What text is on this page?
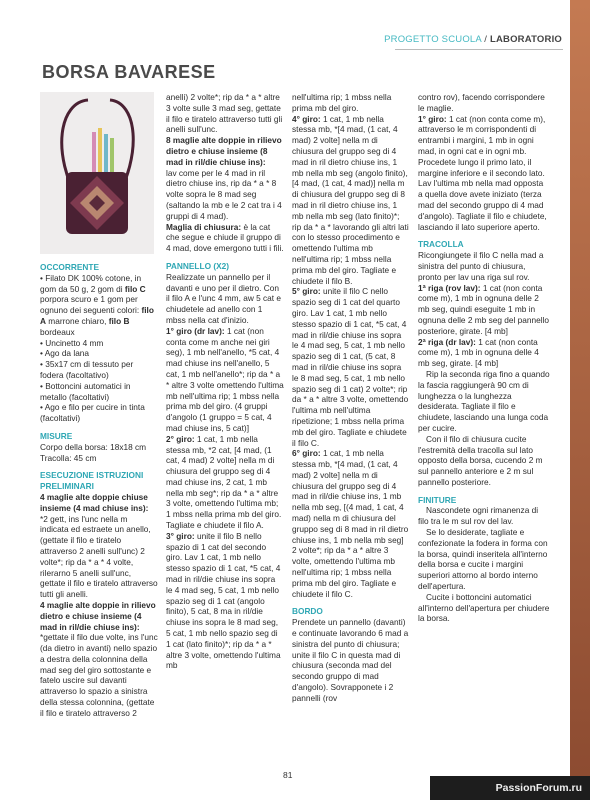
PROGETTO SCUOLA / LABORATORIO
BORSA BAVARESE

OCCORRENTE

• Filato DK 100% cotone, in gom da 50 g, 2 gom di filo C porpora scuro e 1 gom per ognuno dei seguenti colori: filo A marrone chiaro, filo B bordeaux

• Uncinetto 4 mm

• Ago da lana

• 35x17 cm di tessuto per fodera (facoltativo)

• Bottoncini automatici in metallo (facoltativi)

• Ago e filo per cucire in tinta (facoltativi)

MISURE

Corpo della borsa: 18x18 cm

Tracolla: 45 cm

ESECUZIONE ISTRUZIONI PRELIMINARI

4 maglie alte doppie chiuse insieme (4 mad chiuse ins):

*2 gett, ins l'unc nella m indicata ed estraete un anello, (gettate il filo e tiratelo attraverso 2 anelli sull'unc) 2 volte*; rip da * a * 4 volte, rilerarno 5 anelli sull'unc, gettate il filo e tiratelo attraverso tutti gli anelli.

4 maglie alte doppie in rilievo dietro e chiuse insieme (4 mad in ril/die chiuse ins):

*gettate il filo due volte, ins l'unc (da dietro in avanti) nello spazio a destra della colonnina della mad seg del giro sottostante e fatelo uscire sul davanti attraverso lo spazio a sinistra della stessa colonnina, (gettate il filo e tiratelo attraverso 2

anelli) 2 volte*; rip da * a * altre 3 volte sulle 3 mad seg, gettate il filo e tiratelo attraverso tutti gli anelli sull'unc.

8 maglie alte doppie in rilievo dietro e chiuse insieme (8 mad in ril/die chiuse ins):

lav come per le 4 mad in ril dietro chiuse ins, rip da * a * 8 volte sopra le 8 mad seg (saltando la mb e le 2 cat tra i 4 gruppi di 4 mad).

Maglia di chiusura: è la cat che segue e chiude il gruppo di 4 mad, dove emergono tutti i fili.

PANNELLO (X2)

Realizzate un pannello per il davanti e uno per il dietro. Con il filo A e l'unc 4 mm, aw 5 cat e chiudetele ad anello con 1 mbss nella cat d'inizio.

1° giro (dr lav): 1 cat (non conta come m anche nei giri seg), 1 mb nell'anello, *5 cat, 4 mad chiuse ins nell'anello, 5 cat, 1 mb nell'anello*; rip da * a * altre 3 volte omettendo l'ultima mb nell'ultima rip; 1 mbss nella prima mb del giro. (4 gruppi d'angolo (1 gruppo = 5 cat, 4 mad chiuse ins, 5 cat)]

2° giro: 1 cat, 1 mb nella stessa mb, *2 cat, [4 mad, (1 cat, 4 mad) 2 volte] nella m di chiusura del gruppo seg di 4 mad chiuse ins, 2 cat, 1 mb nella mb seg*; rip da * a * altre 3 volte, omettendo l'ultima mb; 1 mbss nella prima mb del giro. Tagliate e chiudete il filo A.

3° giro: unite il filo B nello spazio di 1 cat del secondo giro. Lav 1 cat, 1 mb nello stesso spazio di 1 cat, *5 cat, 4 mad in ril/die chiuse ins sopra le 4 mad seg, 5 cat, 1 mb nello spazio seg di 1 cat (angolo finito), 5 cat, 8 ma in ril/die chiuse ins sopra le 8 mad seg, 5 cat, 1 mb nello spazio seg di 1 cat (lato finito)*; rip da * a * altre 3 volte, omettendo l'ultima mb

nell'ultima rip; 1 mbss nella prima mb del giro.

4° giro: 1 cat, 1 mb nella stessa mb, *[4 mad, (1 cat, 4 mad) 2 volte] nella m di chiusura del gruppo seg di 4 mad in ril dietro chiuse ins, 1 mb nella mb seg (angolo finito), [4 mad, (1 cat, 4 mad)] nella m di chiusura del gruppo seg di 8 mad in ril dietro chiuse ins, 1 mb nella mb seg (lato finito)*; rip da * a * lavorando gli altri lati con lo stesso procedimento e omettendo l'ultima mb nell'ultima rip; 1 mbss nella prima mb del giro. Tagliate e chiudete il filo B.

5° giro: unite il filo C nello spazio seg di 1 cat del quarto giro. Lav 1 cat, 1 mb nello stesso spazio di 1 cat, *5 cat, 4 mad in ril/die chiuse ins sopra le 4 mad seg, 5 cat, 1 mb nello spazio seg di 1 cat, (5 cat, 8 mad in ril/die chiuse ins sopra le 8 mad seg, 5 cat, 1 mb nello spazio seg di 1 cat) 2 volte*; rip da * a * altre 3 volte, omettendo l'ultima mb nell'ultima ripetizione; 1 mbss nella prima mb del giro. Tagliate e chiudete il filo C.

6° giro: 1 cat, 1 mb nella stessa mb, *[4 mad, (1 cat, 4 mad) 2 volte] nella m di chiusura del gruppo seg di 4 mad in ril/die chiuse ins, 1 mb nella mb seg, [(4 mad, 1 cat, 4 mad) nella m di chiusura del gruppo seg di 8 mad in ril dietro chiuse ins, 1 mb nella mb seg] 2 volte*; rip da * a * altre 3 volte, omettendo l'ultima mb nell'ultima rip; 1 mbss nella prima mb del giro. Tagliate e chiudete il filo C.

BORDO

Prendete un pannello (davanti) e continuate lavorando 6 mad a sinistra del punto di chiusura; unite il filo C in questa mad di chiusura (seconda mad del secondo gruppo di mad d'angolo). Sovrapponete i 2 pannelli (rov

contro rov), facendo corrispondere le maglie.

1° giro: 1 cat (non conta come m), attraverso le m corrispondenti di entrambi i margini, 1 mb in ogni mad, in ogni cat e in ogni mb. Procedete lungo il primo lato, il margine inferiore e il secondo lato. Lav l'ultima mb nella mad opposta a quella dove avete iniziato (terza mad del secondo gruppo di 4 mad d'angolo). Tagliate il filo e chiudete, lasciando il lato superiore aperto.

TRACOLLA

Ricongiungete il filo C nella mad a sinistra del punto di chiusura, pronto per lav una riga sul rov.

1ª riga (rov lav): 1 cat (non conta come m), 1 mb in ognuna delle 2 mb seg, quindi eseguite 1 mb in ognuna delle 2 mb seg del pannello posteriore, girate. [4 mb]

2ª riga (dr lav): 1 cat (non conta come m), 1 mb in ognuna delle 4 mb seg, girate. [4 mb]

Rip la seconda riga fino a quando la fascia raggiungerà 90 cm di lunghezza o la lunghezza desiderata. Tagliate il filo e chiudete, lasciando una lunga coda per cucire.

Con il filo di chiusura cucite l'estremità della tracolla sul lato opposto della borsa, cucendo 2 m sul pannello anteriore e 2 m sul pannello posteriore.

FINITURE

Nascondete ogni rimanenza di filo tra le m sul rov del lav.

Se lo desiderate, tagliate e confezionate la fodera in forma con la borsa, quindi inseritela all'interno della borsa e cucite i margini superiori attorno al bordo interno dell'apertura.

Cucite i bottoncini automatici all'interno dell'apertura per chiudere la borsa.

81
PassionForum.ru
